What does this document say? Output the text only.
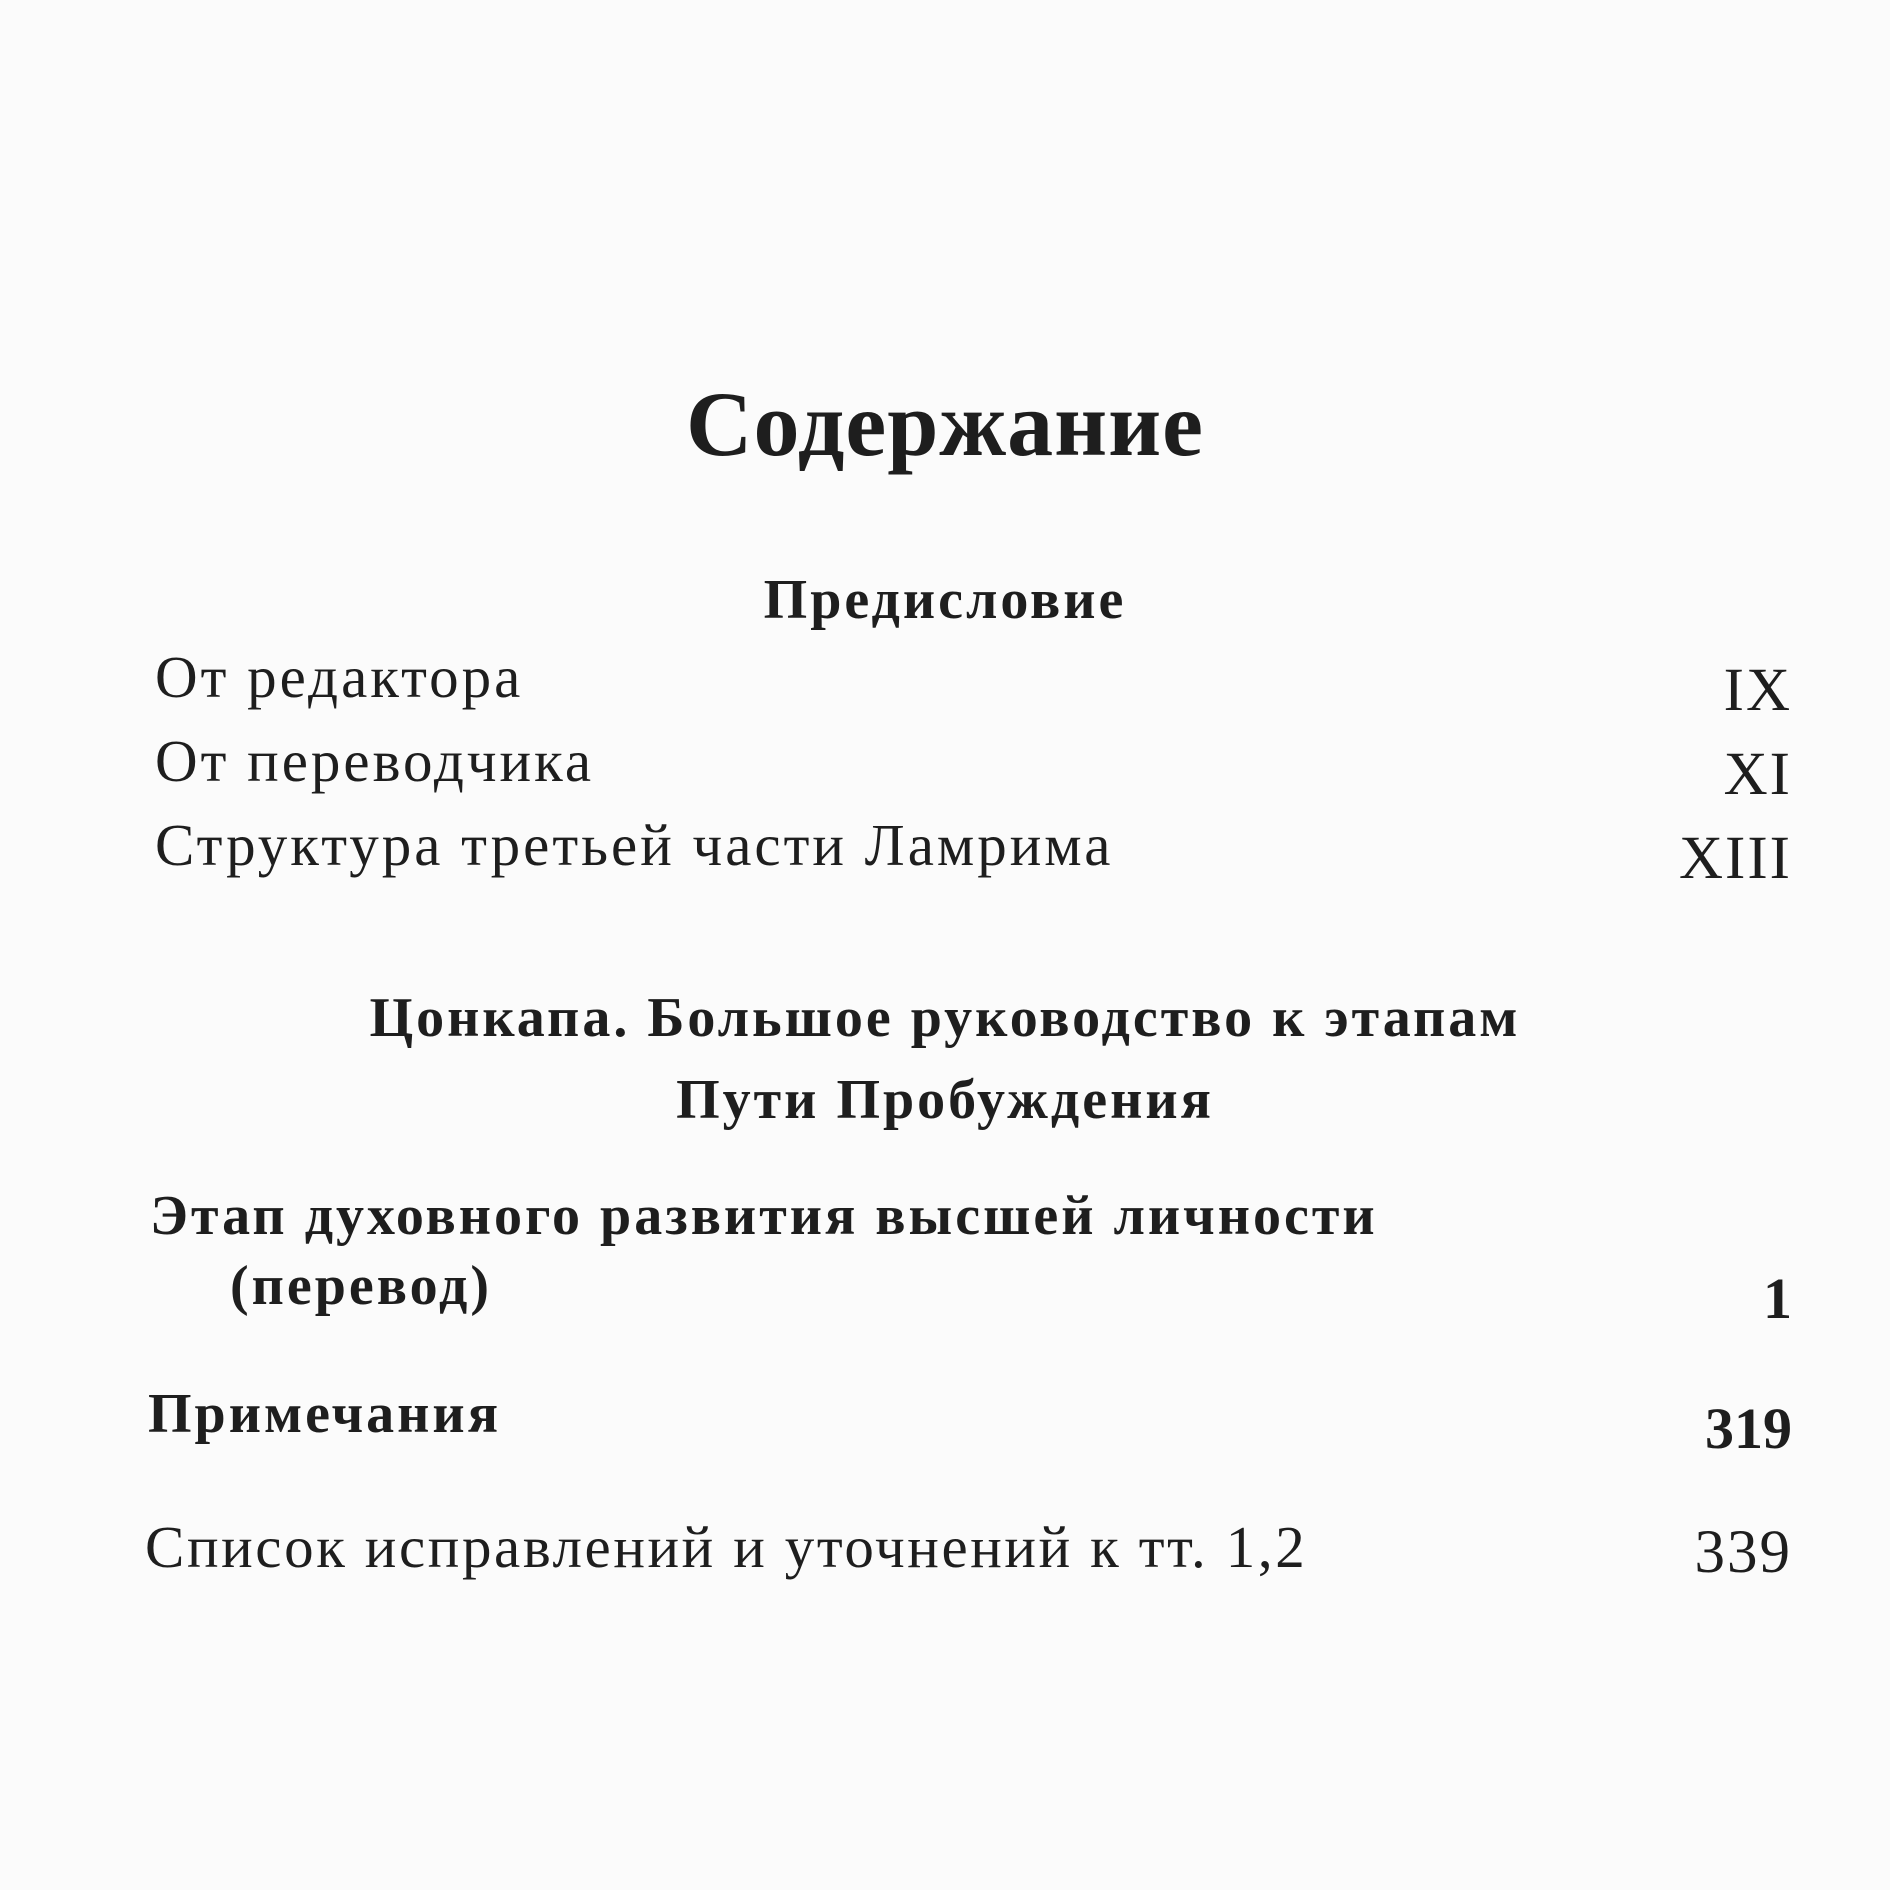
Содержание
Предисловие
От редактора	IX
От переводчика	XI
Структура третьей части Ламрима	XIII
Цонкапа. Большое руководство к этапам
Пути Пробуждения
Этап духовного развития высшей личности
(перевод)	1
Примечания	319
Список исправлений и уточнений к тт. 1,2	339
